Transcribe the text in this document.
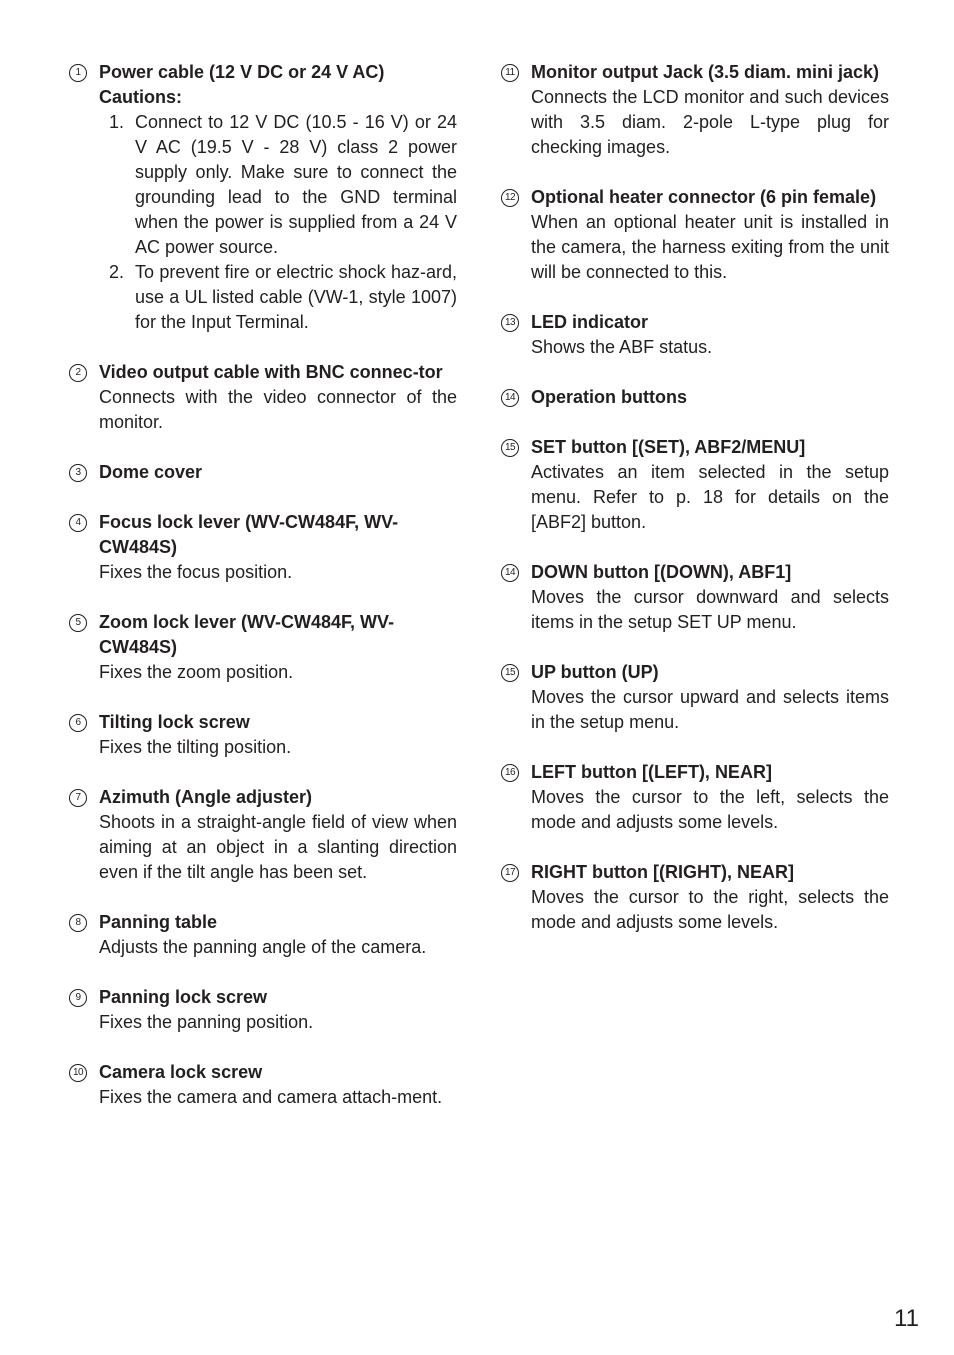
1	Power cable (12 V DC or 24 V AC)

Cautions:

1. Connect to 12 V DC (10.5 - 16 V) or 24 V AC (19.5 V - 28 V) class 2 power supply only. Make sure to connect the grounding lead to the GND terminal when the power is supplied from a 24 V AC power source.
2. To prevent fire or electric shock haz-ard, use a UL listed cable (VW-1, style 1007) for the Input Terminal.
2	Video output cable with BNC connec-tor

Connects with the video connector of the monitor.

3	Dome cover

4	Focus lock lever (WV-CW484F, WV-CW484S)

Fixes the focus position.

5	Zoom lock lever (WV-CW484F, WV-CW484S)

Fixes the zoom position.

6	Tilting lock screw

Fixes the tilting position.

7	Azimuth (Angle adjuster)

Shoots in a straight-angle field of view when aiming at an object in a slanting direction even if the tilt angle has been set.

8	Panning table

Adjusts the panning angle of the camera.

9	Panning lock screw

Fixes the panning position.

10 Camera lock screw

Fixes the camera and camera attach-ment.

11 Monitor output Jack (3.5 diam. mini jack)

Connects the LCD monitor and such devices with 3.5 diam. 2-pole L-type plug for checking images.

12 Optional heater connector (6 pin female)

When an optional heater unit is installed in the camera, the harness exiting from the unit will be connected to this.

13 LED indicator

Shows the ABF status.

14 Operation buttons

15 SET button [(SET), ABF2/MENU]

Activates an item selected in the setup menu. Refer to p. 18 for details on the [ABF2] button.

14 DOWN button [(DOWN), ABF1]

Moves the cursor downward and selects items in the setup SET UP menu.

15 UP button (UP)

Moves the cursor upward and selects items in the setup menu.

16 LEFT button [(LEFT), NEAR]

Moves the cursor to the left, selects the mode and adjusts some levels.

17 RIGHT button [(RIGHT), NEAR]

Moves the cursor to the right, selects the mode and adjusts some levels.

11
